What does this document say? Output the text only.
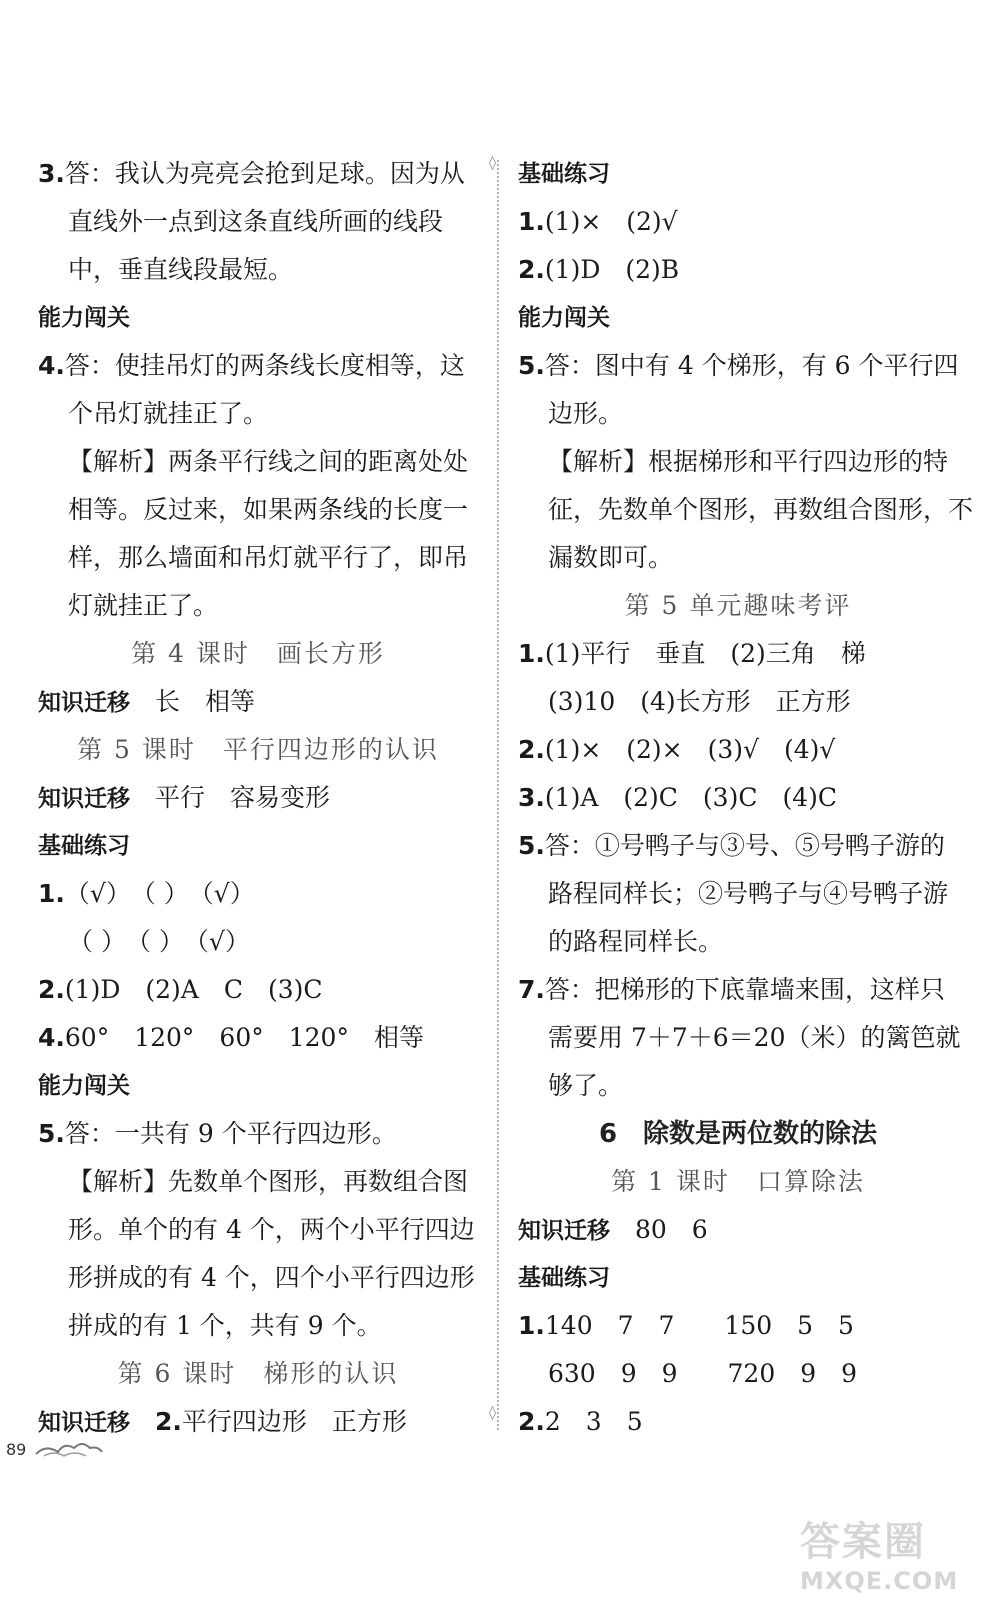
◊
◊
3.答：我认为亮亮会抢到足球。因为从
直线外一点到这条直线所画的线段
中，垂直线段最短。
能力闯关
4.答：使挂吊灯的两条线长度相等，这
个吊灯就挂正了。
【解析】两条平行线之间的距离处处
相等。反过来，如果两条线的长度一
样，那么墙面和吊灯就平行了，即吊
灯就挂正了。
第 4 课时　画长方形
知识迁移　长　相等
第 5 课时　平行四边形的认识
知识迁移　平行　容易变形
基础练习
1.（√）　（ ）　（√）
（ ）　（ ）　（√）
2.(1)D　(2)A　C　(3)C
4.60°　120°　60°　120°　相等
能力闯关
5.答：一共有 9 个平行四边形。
【解析】先数单个图形，再数组合图
形。单个的有 4 个，两个小平行四边
形拼成的有 4 个，四个小平行四边形
拼成的有 1 个，共有 9 个。
第 6 课时　梯形的认识
知识迁移　 2.平行四边形　正方形
基础练习
1.(1)×　(2)√
2.(1)D　(2)B
能力闯关
5.答：图中有 4 个梯形，有 6 个平行四
边形。
【解析】根据梯形和平行四边形的特
征，先数单个图形，再数组合图形，不
漏数即可。
第 5 单元趣味考评
1.(1)平行　垂直　(2)三角　梯
(3)10　(4)长方形　正方形
2.(1)×　(2)×　(3)√　(4)√
3.(1)A　(2)C　(3)C　(4)C
5.答：①号鸭子与③号、⑤号鸭子游的
路程同样长；②号鸭子与④号鸭子游
的路程同样长。
7.答：把梯形的下底靠墙来围，这样只
需要用 7＋7＋6＝20（米）的篱笆就
够了。
6　除数是两位数的除法
第 1 课时　口算除法
知识迁移　80　6
基础练习
1.140　7　7　　150　5　5
630　9　9　　720　9　9
2.2　3　5
89
答案圈
MXQE.COM
